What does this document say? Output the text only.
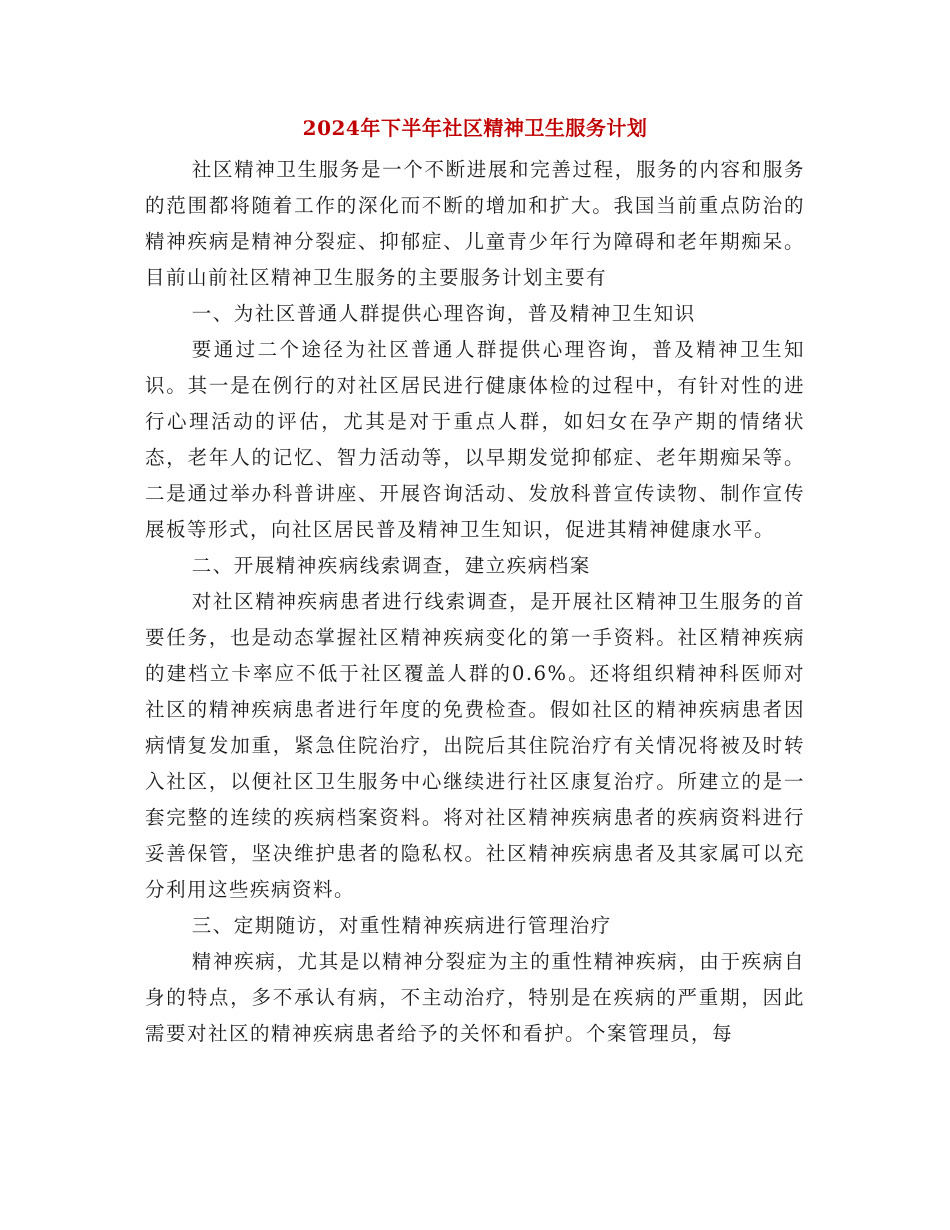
2024年下半年社区精神卫生服务计划

社区精神卫生服务是一个不断进展和完善过程，服务的内容和服务的范围都将随着工作的深化而不断的增加和扩大。我国当前重点防治的精神疾病是精神分裂症、抑郁症、儿童青少年行为障碍和老年期痴呆。目前山前社区精神卫生服务的主要服务计划主要有

一、为社区普通人群提供心理咨询，普及精神卫生知识

要通过二个途径为社区普通人群提供心理咨询，普及精神卫生知识。其一是在例行的对社区居民进行健康体检的过程中，有针对性的进行心理活动的评估，尤其是对于重点人群，如妇女在孕产期的情绪状态，老年人的记忆、智力活动等，以早期发觉抑郁症、老年期痴呆等。二是通过举办科普讲座、开展咨询活动、发放科普宣传读物、制作宣传展板等形式，向社区居民普及精神卫生知识，促进其精神健康水平。

二、开展精神疾病线索调查，建立疾病档案

对社区精神疾病患者进行线索调查，是开展社区精神卫生服务的首要任务，也是动态掌握社区精神疾病变化的第一手资料。社区精神疾病的建档立卡率应不低于社区覆盖人群的0.6%。还将组织精神科医师对社区的精神疾病患者进行年度的免费检查。假如社区的精神疾病患者因病情复发加重，紧急住院治疗，出院后其住院治疗有关情况将被及时转入社区，以便社区卫生服务中心继续进行社区康复治疗。所建立的是一套完整的连续的疾病档案资料。将对社区精神疾病患者的疾病资料进行妥善保管，坚决维护患者的隐私权。社区精神疾病患者及其家属可以充分利用这些疾病资料。

三、定期随访，对重性精神疾病进行管理治疗

精神疾病，尤其是以精神分裂症为主的重性精神疾病，由于疾病自身的特点，多不承认有病，不主动治疗，特别是在疾病的严重期，因此需要对社区的精神疾病患者给予的关怀和看护。个案管理员，每
